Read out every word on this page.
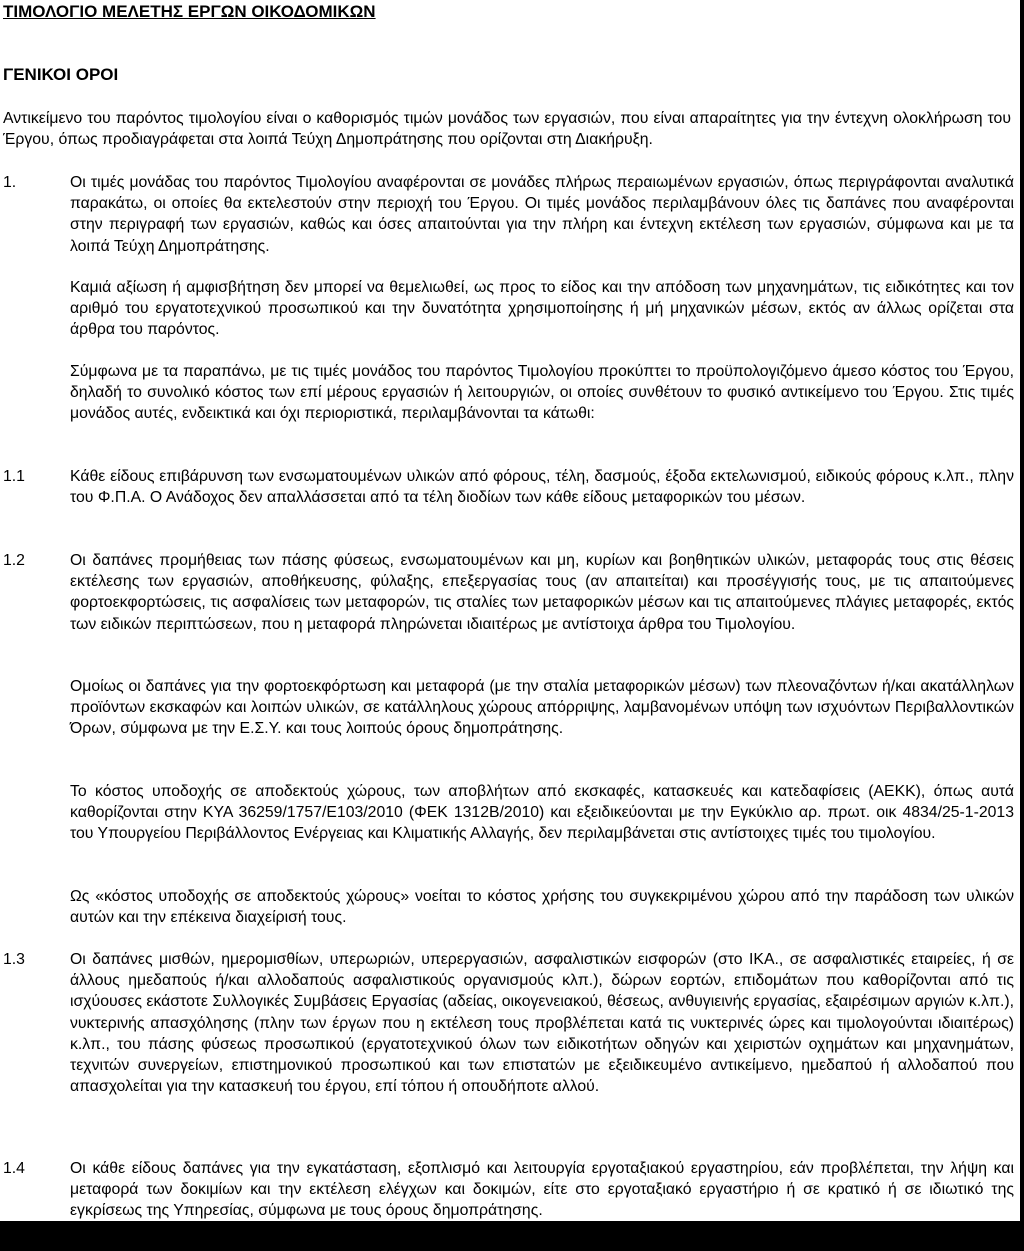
ΤΙΜΟΛΟΓΙΟ ΜΕΛΕΤΗΣ ΕΡΓΩΝ ΟΙΚΟΔΟΜΙΚΩΝ
ΓΕΝΙΚΟΙ ΟΡΟΙ

Αντικείμενο του παρόντος τιμολογίου είναι ο καθορισμός τιμών μονάδος των εργασιών, που είναι απαραίτητες για την έντεχνη ολοκλήρωση του Έργου, όπως προδιαγράφεται στα λοιπά Τεύχη Δημοπράτησης που ορίζονται στη Διακήρυξη.

1.	Οι τιμές μονάδας του παρόντος Τιμολογίου αναφέρονται σε μονάδες πλήρως περαιωμένων εργασιών, όπως περιγράφονται αναλυτικά παρακάτω, οι οποίες θα εκτελεστούν στην περιοχή του Έργου. Οι τιμές μονάδος περιλαμβάνουν όλες τις δαπάνες που αναφέρονται στην περιγραφή των εργασιών, καθώς και όσες απαιτούνται για την πλήρη και έντεχνη εκτέλεση των εργασιών, σύμφωνα και με τα λοιπά Τεύχη Δημοπράτησης.

Καμιά αξίωση ή αμφισβήτηση δεν μπορεί να θεμελιωθεί, ως προς το είδος και την απόδοση των μηχανημάτων, τις ειδικότητες και τον αριθμό του εργατοτεχνικού προσωπικού και την δυνατότητα χρησιμοποίησης ή μή μηχανικών μέσων, εκτός αν άλλως ορίζεται στα άρθρα του παρόντος.

Σύμφωνα με τα παραπάνω, με τις τιμές μονάδος του παρόντος Τιμολογίου προκύπτει το προϋπολογιζόμενο άμεσο κόστος του Έργου, δηλαδή το συνολικό κόστος των επί μέρους εργασιών ή λειτουργιών, οι οποίες συνθέτουν το φυσικό αντικείμενο του Έργου. Στις τιμές μονάδος αυτές, ενδεικτικά και όχι περιοριστικά, περιλαμβάνονται τα κάτωθι:

1.1	Κάθε είδους επιβάρυνση των ενσωματουμένων υλικών από φόρους, τέλη, δασμούς, έξοδα εκτελωνισμού, ειδικούς φόρους κ.λπ., πλην του Φ.Π.Α. Ο Ανάδοχος δεν απαλλάσσεται από τα τέλη διοδίων των κάθε είδους μεταφορικών του μέσων.

1.2	Οι δαπάνες προμήθειας των πάσης φύσεως, ενσωματουμένων και μη, κυρίων και βοηθητικών υλικών, μεταφοράς τους στις θέσεις εκτέλεσης των εργασιών, αποθήκευσης, φύλαξης, επεξεργασίας τους (αν απαιτείται) και προσέγγισής τους, με τις απαιτούμενες φορτοεκφορτώσεις, τις ασφαλίσεις των μεταφορών, τις σταλίες των μεταφορικών μέσων και τις απαιτούμενες πλάγιες μεταφορές, εκτός των ειδικών περιπτώσεων, που η μεταφορά πληρώνεται ιδιαιτέρως με αντίστοιχα άρθρα του Τιμολογίου.

Ομοίως οι δαπάνες για την φορτοεκφόρτωση και μεταφορά (με την σταλία μεταφορικών μέσων) των πλεοναζόντων ή/και ακατάλληλων προϊόντων εκσκαφών και λοιπών υλικών, σε κατάλληλους χώρους απόρριψης, λαμβανομένων υπόψη των ισχυόντων Περιβαλλοντικών Όρων, σύμφωνα με την Ε.Σ.Υ. και τους λοιπούς όρους δημοπράτησης.

Το κόστος υποδοχής σε αποδεκτούς χώρους, των αποβλήτων από εκσκαφές, κατασκευές και κατεδαφίσεις (ΑΕΚΚ), όπως αυτά καθορίζονται στην ΚΥΑ 36259/1757/Ε103/2010 (ΦΕΚ 1312Β/2010) και εξειδικεύονται με την Εγκύκλιο αρ. πρωτ. οικ 4834/25-1-2013 του Υπουργείου Περιβάλλοντος Ενέργειας και Κλιματικής Αλλαγής, δεν περιλαμβάνεται στις αντίστοιχες τιμές του τιμολογίου.

Ως «κόστος υποδοχής σε αποδεκτούς χώρους» νοείται το κόστος χρήσης του συγκεκριμένου χώρου από την παράδοση των υλικών αυτών και την επέκεινα διαχείρισή τους.

1.3	Οι δαπάνες μισθών, ημερομισθίων, υπερωριών, υπερεργασιών, ασφαλιστικών εισφορών (στο ΙΚΑ., σε ασφαλιστικές εταιρείες, ή σε άλλους ημεδαπούς ή/και αλλοδαπούς ασφαλιστικούς οργανισμούς κλπ.), δώρων εορτών, επιδομάτων που καθορίζονται από τις ισχύουσες εκάστοτε Συλλογικές Συμβάσεις Εργασίας (αδείας, οικογενειακού, θέσεως, ανθυγιεινής εργασίας, εξαιρέσιμων αργιών κ.λπ.), νυκτερινής απασχόλησης (πλην των έργων που η εκτέλεση τους προβλέπεται κατά τις νυκτερινές ώρες και τιμολογούνται ιδιαιτέρως) κ.λπ., του πάσης φύσεως προσωπικού (εργατοτεχνικού όλων των ειδικοτήτων οδηγών και χειριστών οχημάτων και μηχανημάτων, τεχνιτών συνεργείων, επιστημονικού προσωπικού και των επιστατών με εξειδικευμένο αντικείμενο, ημεδαπού ή αλλοδαπού που απασχολείται για την κατασκευή του έργου, επί τόπου ή οπουδήποτε αλλού.

1.4	Οι κάθε είδους δαπάνες για την εγκατάσταση, εξοπλισμό και λειτουργία εργοταξιακού εργαστηρίου, εάν προβλέπεται, την λήψη και μεταφορά των δοκιμίων και την εκτέλεση ελέγχων και δοκιμών, είτε στο εργοταξιακό εργαστήριο ή σε κρατικό ή σε ιδιωτικό της εγκρίσεως της Υπηρεσίας, σύμφωνα με τους όρους δημοπράτησης.
